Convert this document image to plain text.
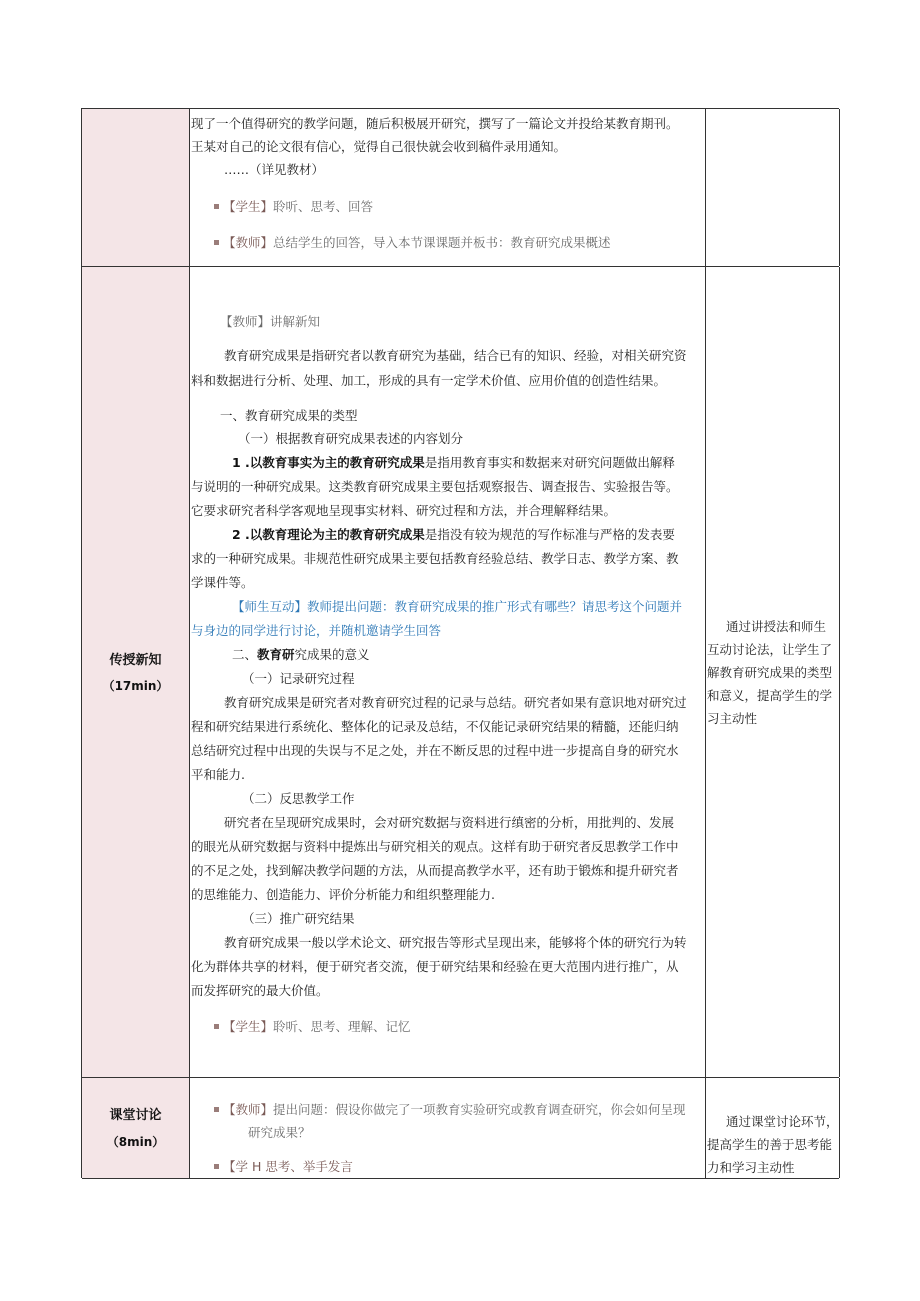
现了一个值得研究的教学问题，随后积极展开研究，撰写了一篇论文并投给某教育期刊。
王某对自己的论文很有信心，觉得自己很快就会收到稿件录用通知。
……（详见教材）
【学生】聆听、思考、回答
【教师】总结学生的回答，导入本节课课题并板书：教育研究成果概述
传授新知
（17min）
【教师】讲解新知
教育研究成果是指研究者以教育研究为基础，结合已有的知识、经验，对相关研究资
料和数据进行分析、处理、加工，形成的具有一定学术价值、应用价值的创造性结果。
一、教育研究成果的类型
（一）根据教育研究成果表述的内容划分
1 .以教育事实为主的教育研究成果是指用教育事实和数据来对研究问题做出解释
与说明的一种研究成果。这类教育研究成果主要包括观察报告、调查报告、实验报告等。
它要求研究者科学客观地呈现事实材料、研究过程和方法，并合理解释结果。
2 .以教育理论为主的教育研究成果是指没有较为规范的写作标准与严格的发表要
求的一种研究成果。非规范性研究成果主要包括教育经验总结、教学日志、教学方案、教
学课件等。
【师生互动】教师提出问题：教育研究成果的推广形式有哪些？请思考这个问题并
与身边的同学进行讨论，并随机邀请学生回答
二、教育研究成果的意义
（一）记录研究过程
教育研究成果是研究者对教育研究过程的记录与总结。研究者如果有意识地对研究过
程和研究结果进行系统化、整体化的记录及总结，不仅能记录研究结果的精髓，还能归纳
总结研究过程中出现的失误与不足之处，并在不断反思的过程中进一步提高自身的研究水
平和能力.
（二）反思教学工作
研究者在呈现研究成果时，会对研究数据与资料进行缜密的分析，用批判的、发展
的眼光从研究数据与资料中提炼出与研究相关的观点。这样有助于研究者反思教学工作中
的不足之处，找到解决教学问题的方法，从而提高教学水平，还有助于锻炼和提升研究者
的思维能力、创造能力、评价分析能力和组织整理能力.
（三）推广研究结果
教育研究成果一般以学术论文、研究报告等形式呈现出来，能够将个体的研究行为转
化为群体共享的材料，便于研究者交流，便于研究结果和经验在更大范围内进行推广，从
而发挥研究的最大价值。
【学生】聆听、思考、理解、记忆
通过讲授法和师生
互动讨论法，让学生了
解教育研究成果的类型
和意义，提高学生的学
习主动性
课堂讨论
（8min）
【教师】提出问题：假设你做完了一项教育实验研究或教育调查研究，你会如何呈现
研究成果？
【学 H 思考、举手发言
通过课堂讨论环节，
提高学生的善于思考能
力和学习主动性
